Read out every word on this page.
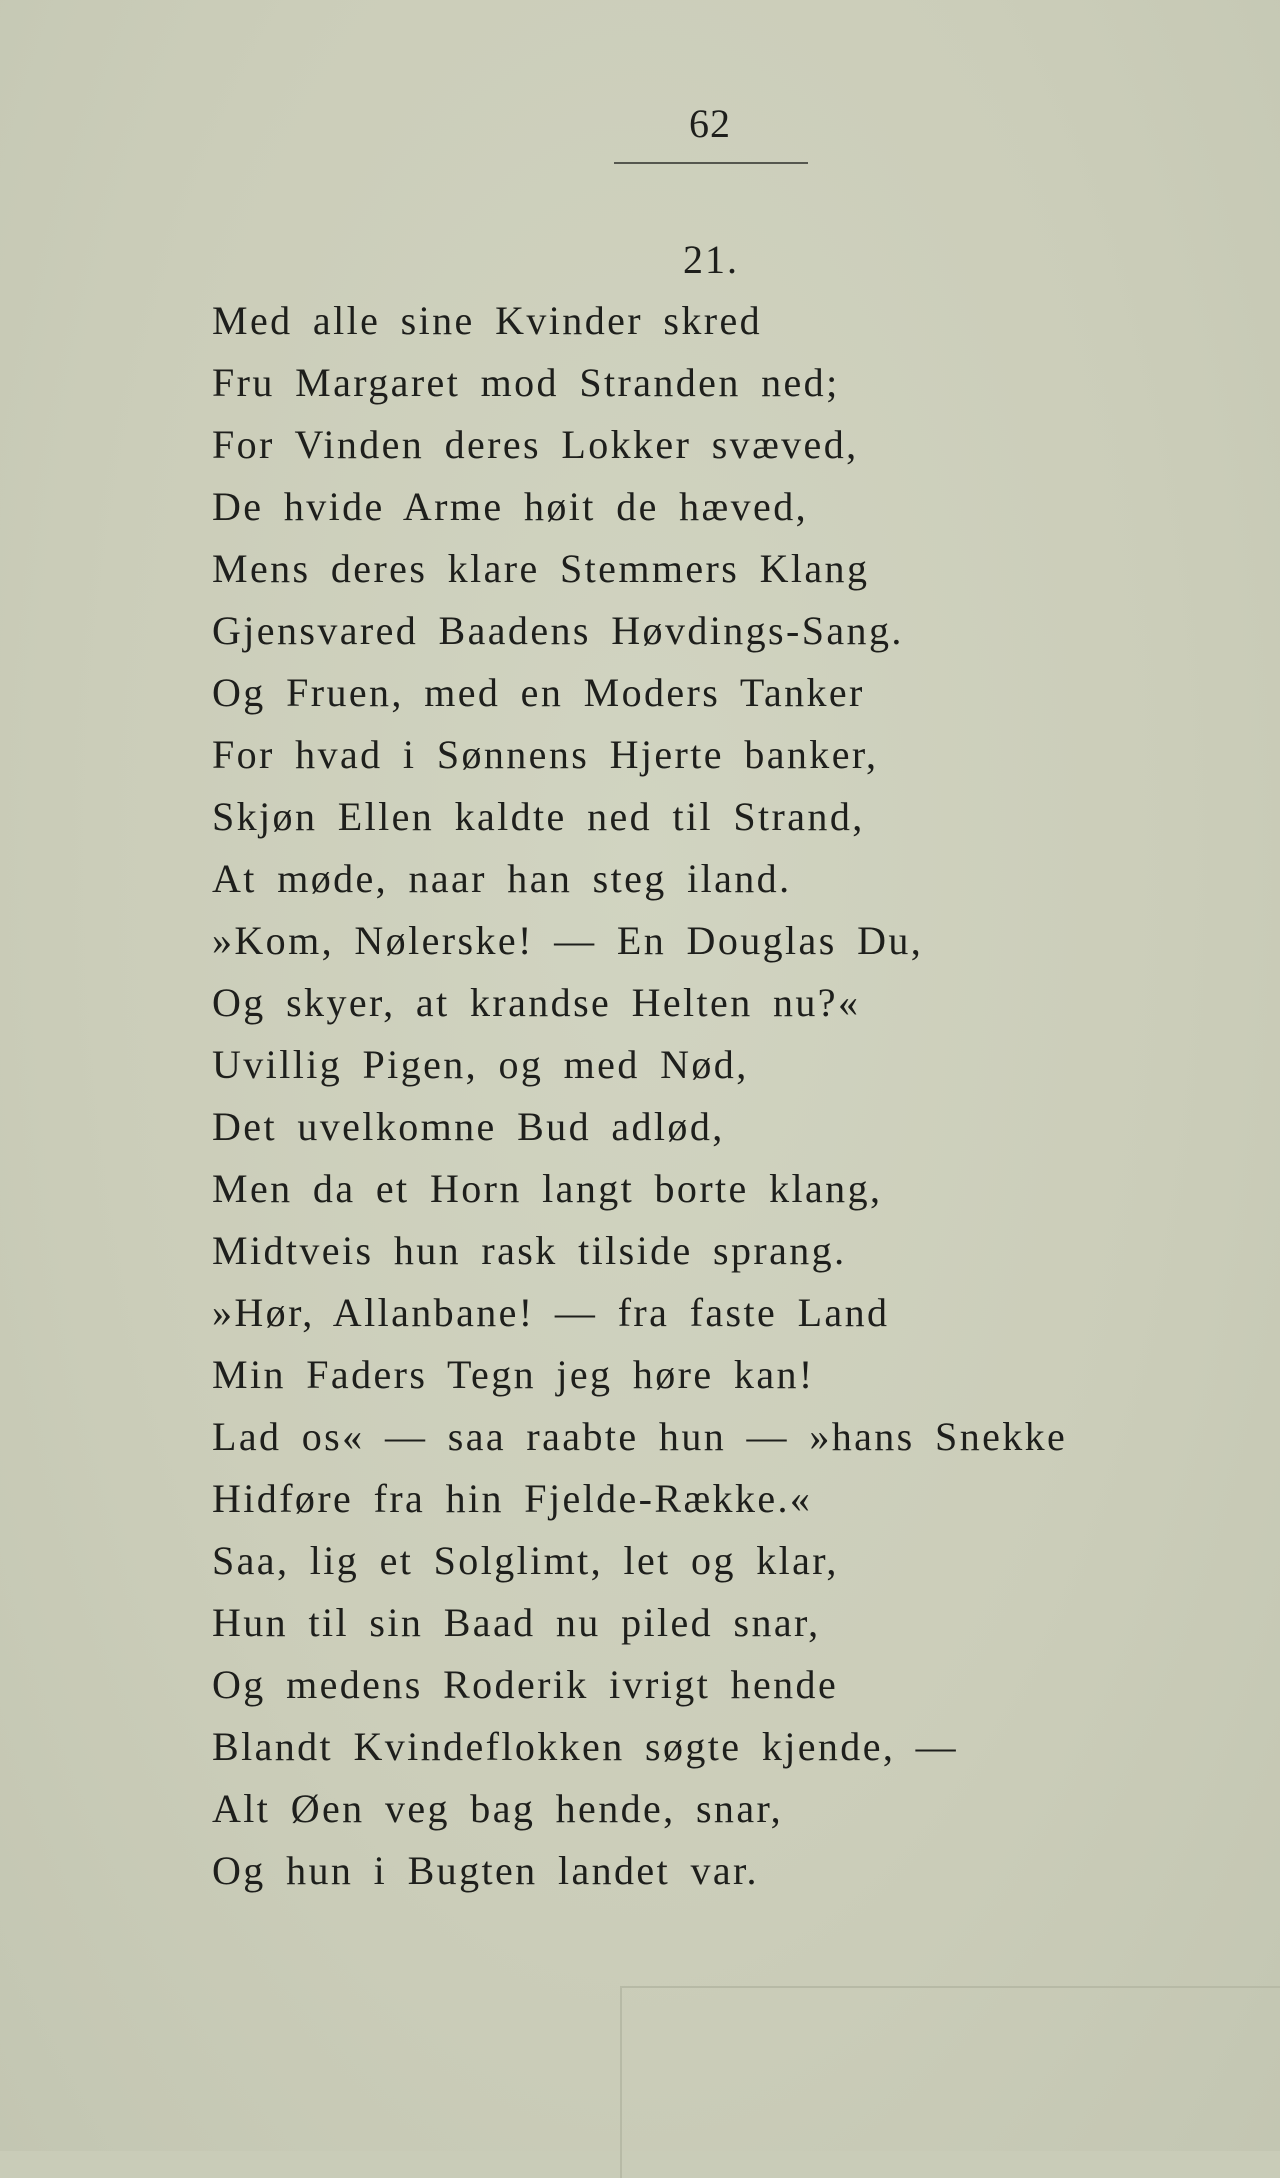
62
21.
Med alle sine Kvinder skred
Fru Margaret mod Stranden ned;
For Vinden deres Lokker svæved,
De hvide Arme høit de hæved,
Mens deres klare Stemmers Klang
Gjensvared Baadens Høvdings-Sang.
Og Fruen, med en Moders Tanker
For hvad i Sønnens Hjerte banker,
Skjøn Ellen kaldte ned til Strand,
At møde, naar han steg iland.
»Kom, Nølerske! — En Douglas Du,
Og skyer, at krandse Helten nu?«
Uvillig Pigen, og med Nød,
Det uvelkomne Bud adlød,
Men da et Horn langt borte klang,
Midtveis hun rask tilside sprang.
»Hør, Allanbane! — fra faste Land
Min Faders Tegn jeg høre kan!
Lad os« — saa raabte hun — »hans Snekke
Hidføre fra hin Fjelde-Række.«
Saa, lig et Solglimt, let og klar,
Hun til sin Baad nu piled snar,
Og medens Roderik ivrigt hende
Blandt Kvindeflokken søgte kjende, —
Alt Øen veg bag hende, snar,
Og hun i Bugten landet var.
